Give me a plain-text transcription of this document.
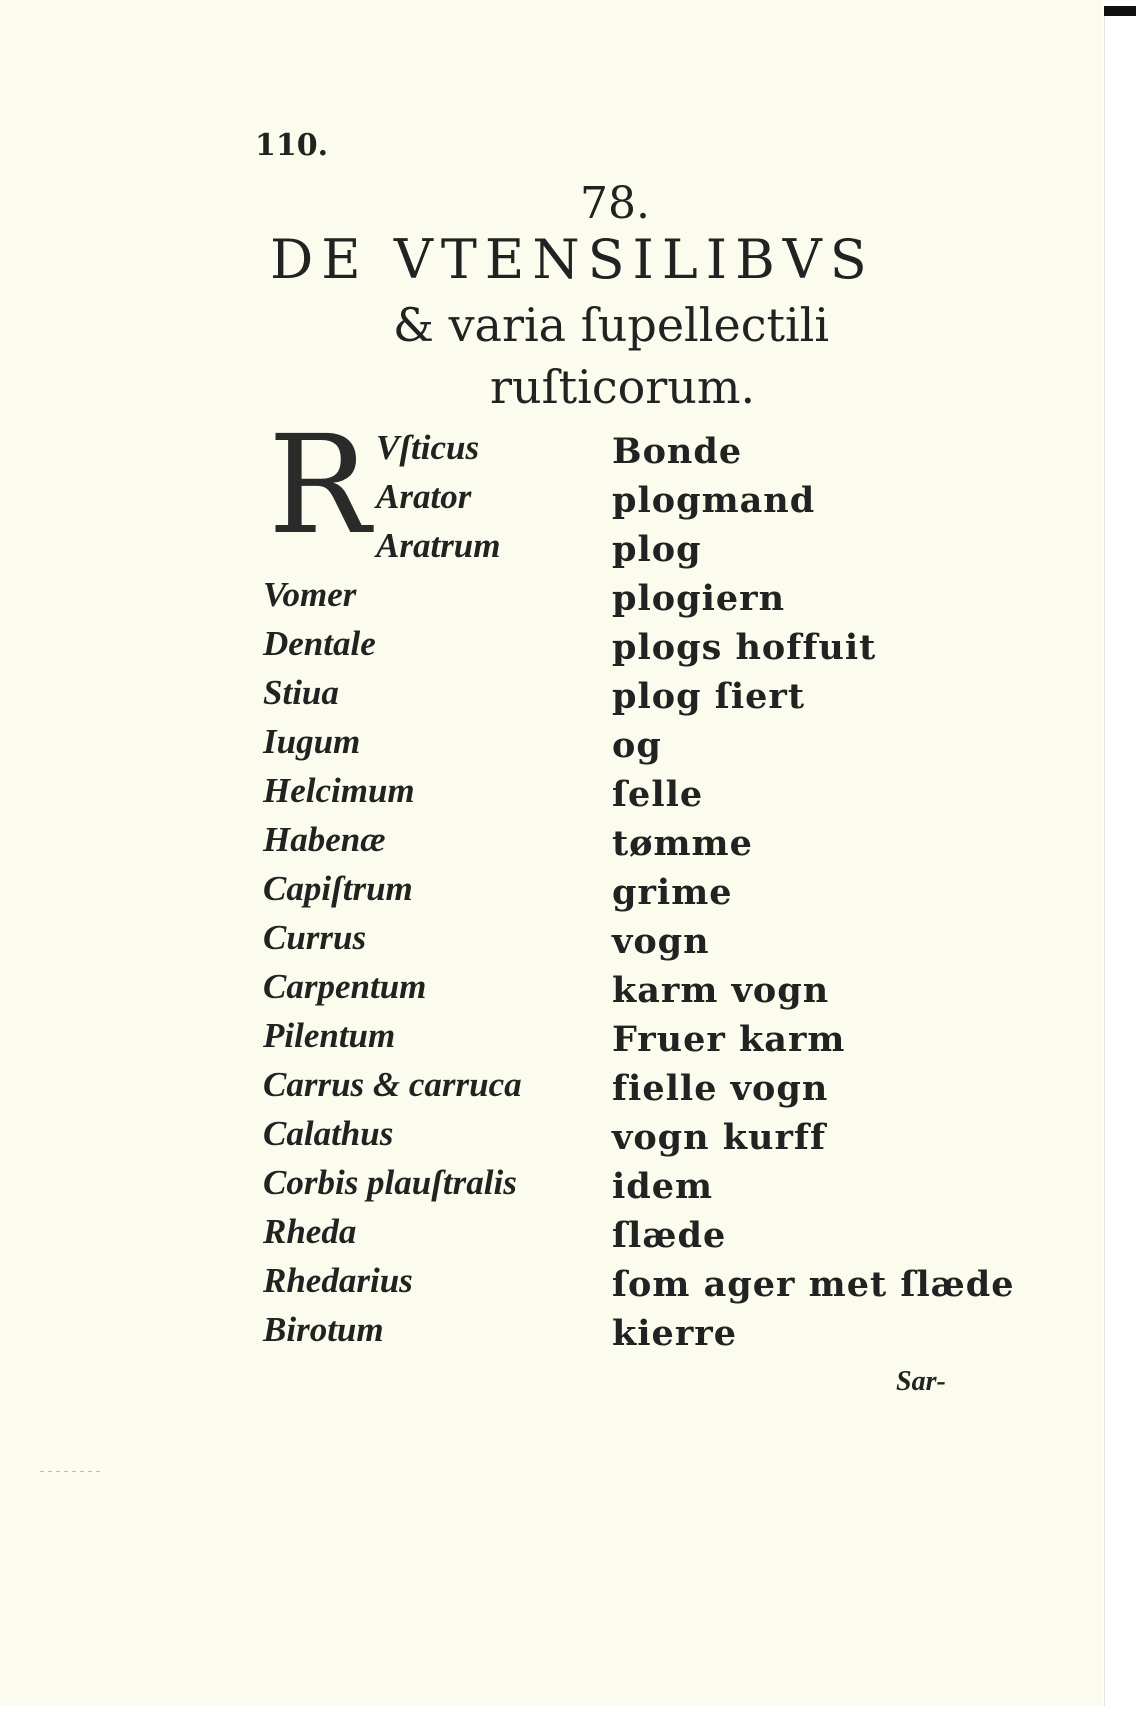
110.
78.
DE VTENSILIBVS
& varia ſupellectili
ruſticorum.
R Vſticus
Arator
Aratrum
Vomer
Dentale
Stiua
Iugum
Helcimum
Habenæ
Capiſtrum
Currus
Carpentum
Pilentum
Carrus & carruca
Calathus
Corbis plauſtralis
Rheda
Rhedarius
Birotum
Bonde
plogmand
plog
plogiern
plogs hoffuit
plog ſiert
og
ſelle
tømme
grime
vogn
karm vogn
Fruer karm
fielle vogn
vogn kurff
idem
ſlæde
ſom ager met ſlæde
kierre
Sar-
